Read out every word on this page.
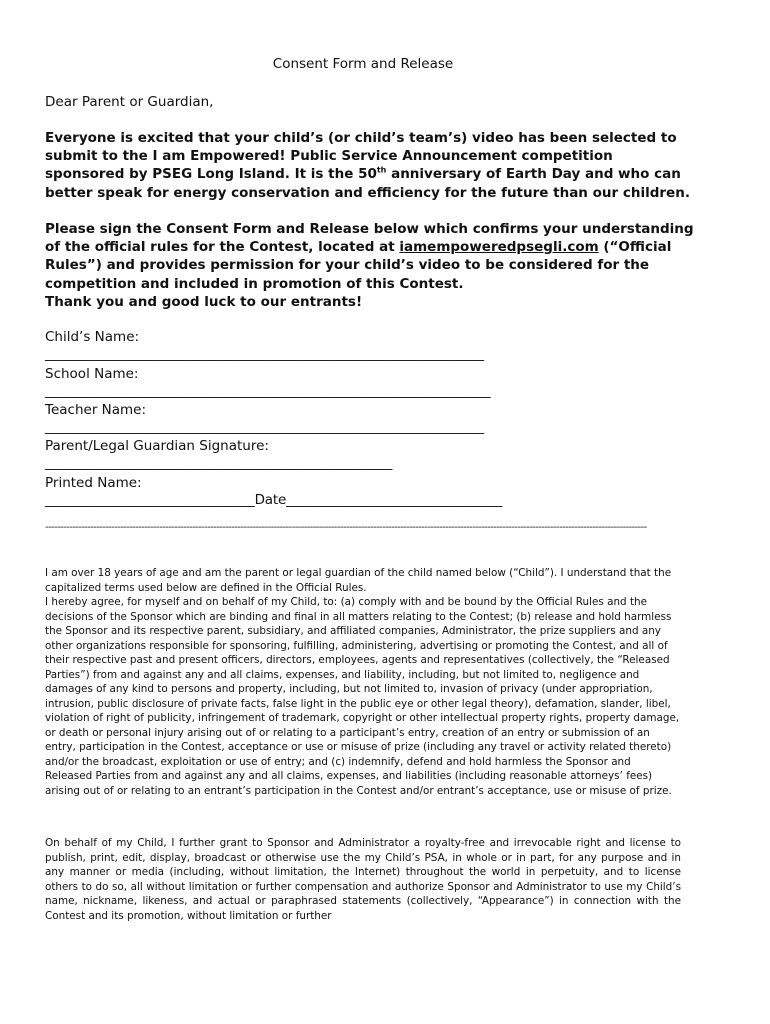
Consent Form and Release
Dear Parent or Guardian,

Everyone is excited that your child’s (or child’s team’s) video has been selected to submit to the I am Empowered! Public Service Announcement competition sponsored by PSEG Long Island. It is the 50th anniversary of Earth Day and who can better speak for energy conservation and efficiency for the future than our children.

Please sign the Consent Form and Release below which confirms your understanding of the official rules for the Contest, located at iamempoweredpsegli.com (“Official Rules”) and provides permission for your child’s video to be considered for the competition and included in promotion of this Contest.

Thank you and good luck to our entrants!

Child’s Name:
___________________________________________________________________
School Name:
____________________________________________________________________
Teacher Name:
___________________________________________________________________
Parent/Legal Guardian Signature:
_____________________________________________________
Printed Name:
________________________________Date_________________________________
--------------------------------------------------------------------------------------------------------------------------------------------------------------------------------------------------------

I am over 18 years of age and am the parent or legal guardian of the child named below (“Child”). I understand that the capitalized terms used below are defined in the Official Rules.

I hereby agree, for myself and on behalf of my Child, to: (a) comply with and be bound by the Official Rules and the decisions of the Sponsor which are binding and final in all matters relating to the Contest; (b) release and hold harmless the Sponsor and its respective parent, subsidiary, and affiliated companies, Administrator, the prize suppliers and any other organizations responsible for sponsoring, fulfilling, administering, advertising or promoting the Contest, and all of their respective past and present officers, directors, employees, agents and representatives (collectively, the “Released Parties”) from and against any and all claims, expenses, and liability, including, but not limited to, negligence and damages of any kind to persons and property, including, but not limited to, invasion of privacy (under appropriation, intrusion, public disclosure of private facts, false light in the public eye or other legal theory), defamation, slander, libel, violation of right of publicity, infringement of trademark, copyright or other intellectual property rights, property damage, or death or personal injury arising out of or relating to a participant’s entry, creation of an entry or submission of an entry, participation in the Contest, acceptance or use or misuse of prize (including any travel or activity related thereto) and/or the broadcast, exploitation or use of entry; and (c) indemnify, defend and hold harmless the Sponsor and Released Parties from and against any and all claims, expenses, and liabilities (including reasonable attorneys’ fees) arising out of or relating to an entrant’s participation in the Contest and/or entrant’s acceptance, use or misuse of prize.

On behalf of my Child, I further grant to Sponsor and Administrator a royalty-free and irrevocable right and license to publish, print, edit, display, broadcast or otherwise use the my Child’s PSA, in whole or in part, for any purpose and in any manner or media (including, without limitation, the Internet) throughout the world in perpetuity, and to license others to do so, all without limitation or further compensation and authorize Sponsor and Administrator to use my Child’s name, nickname, likeness, and actual or paraphrased statements (collectively, “Appearance”) in connection with the Contest and its promotion, without limitation or further
